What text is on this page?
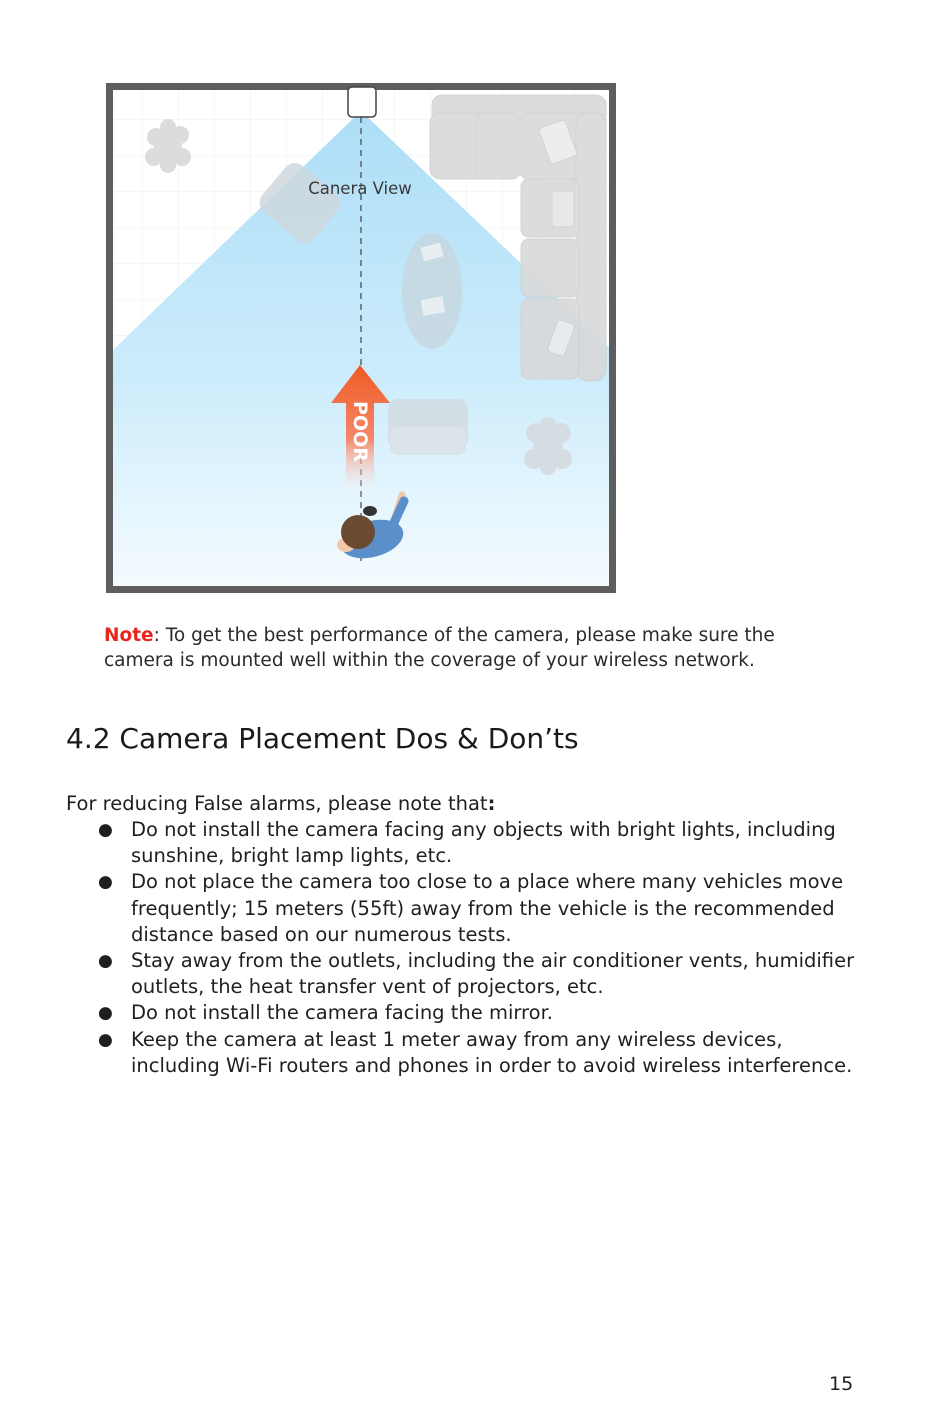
Canera View
POOR
Note: To get the best performance of the camera, please make sure the camera is mounted well within the coverage of your wireless network.
4.2 Camera Placement Dos & Don’ts
For reducing False alarms, please note that:
● Do not install the camera facing any objects with bright lights, including sunshine, bright lamp lights, etc.
● Do not place the camera too close to a place where many vehicles move frequently; 15 meters (55ft) away from the vehicle is the recommended distance based on our numerous tests.
● Stay away from the outlets, including the air conditioner vents, humidifier outlets, the heat transfer vent of projectors, etc.
● Do not install the camera facing the mirror.
● Keep the camera at least 1 meter away from any wireless devices, including Wi-Fi routers and phones in order to avoid wireless interference.
15
